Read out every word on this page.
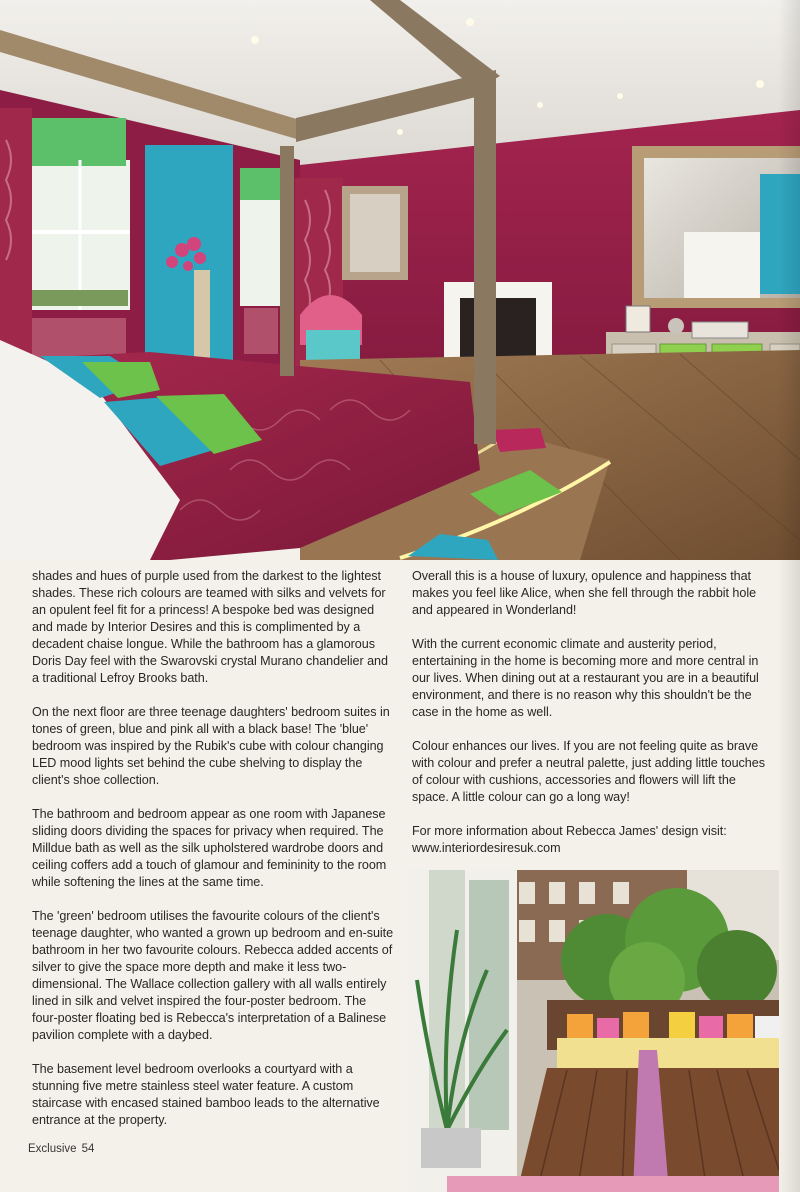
shades and hues of purple used from the darkest to the lightest shades. These rich colours are teamed with silks and velvets for an opulent feel fit for a princess! A bespoke bed was designed and made by Interior Desires and this is complimented by a decadent chaise longue. While the bathroom has a glamorous Doris Day feel with the Swarovski crystal Murano chandelier and a traditional Lefroy Brooks bath.

On the next floor are three teenage daughters' bedroom suites in tones of green, blue and pink all with a black base! The 'blue' bedroom was inspired by the Rubik's cube with colour changing LED mood lights set behind the cube shelving to display the client's shoe collection.

The bathroom and bedroom appear as one room with Japanese sliding doors dividing the spaces for privacy when required. The Milldue bath as well as the silk upholstered wardrobe doors and ceiling coffers add a touch of glamour and femininity to the room while softening the lines at the same time.

The 'green' bedroom utilises the favourite colours of the client's teenage daughter, who wanted a grown up bedroom and en-suite bathroom in her two favourite colours. Rebecca added accents of silver to give the space more depth and make it less two-dimensional. The Wallace collection gallery with all walls entirely lined in silk and velvet inspired the four-poster bedroom. The four-poster floating bed is Rebecca's interpretation of a Balinese pavilion complete with a daybed.

The basement level bedroom overlooks a courtyard with a stunning five metre stainless steel water feature. A custom staircase with encased stained bamboo leads to the alternative entrance at the property.

Overall this is a house of luxury, opulence and happiness that makes you feel like Alice, when she fell through the rabbit hole and appeared in Wonderland!

With the current economic climate and austerity period, entertaining in the home is becoming more and more central in our lives. When dining out at a restaurant you are in a beautiful environment, and there is no reason why this shouldn't be the case in the home as well.

Colour enhances our lives. If you are not feeling quite as brave with colour and prefer a neutral palette, just adding little touches of colour with cushions, accessories and flowers will lift the space. A little colour can go a long way!

For more information about Rebecca James' design visit:
www.interiordesiresuk.com

Exclusive 54
